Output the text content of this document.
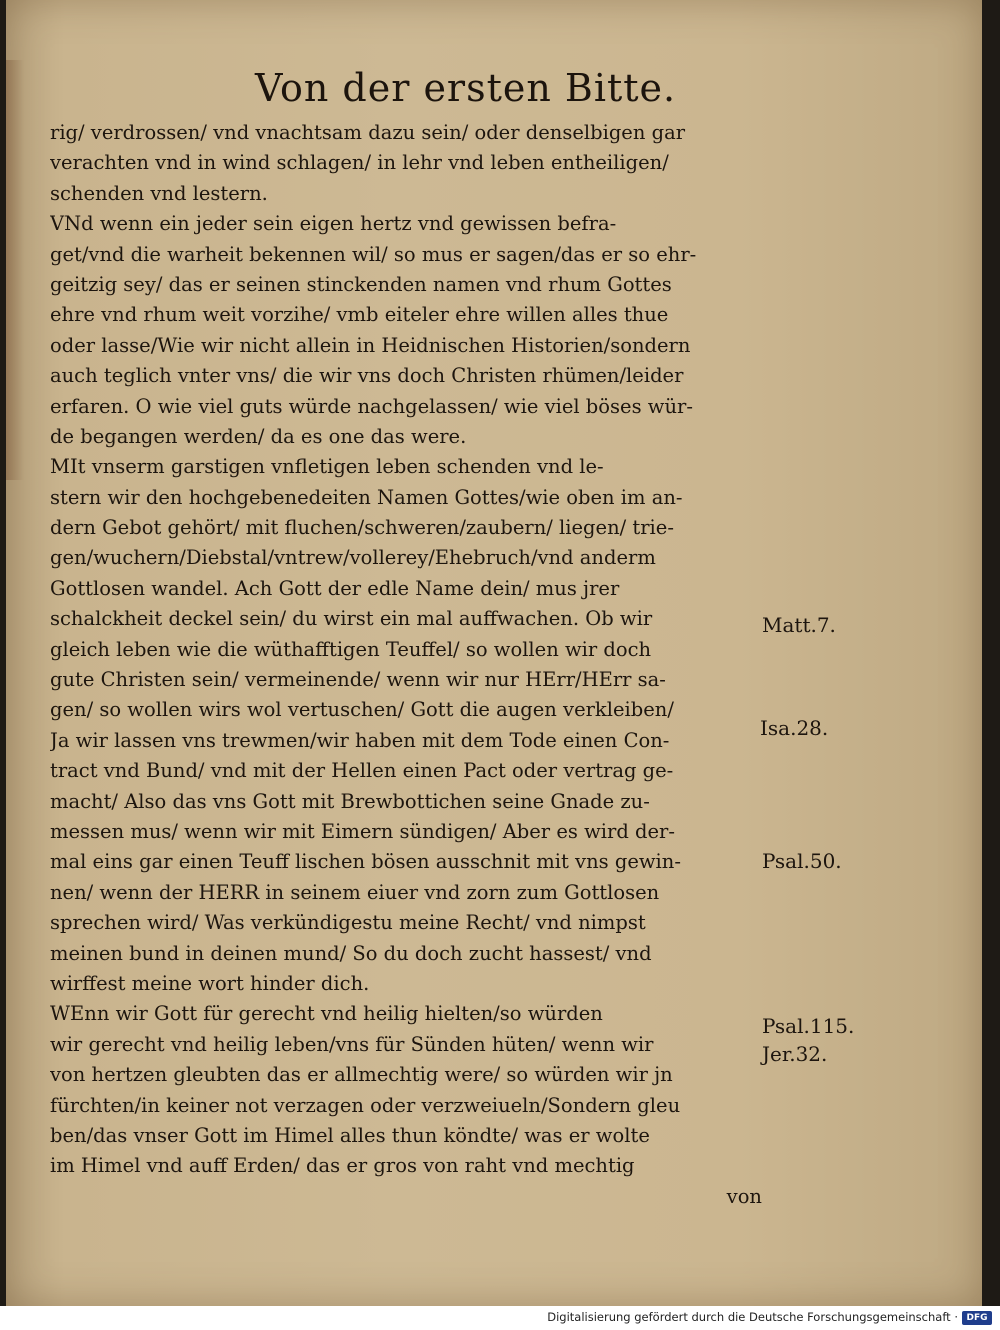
Von der ersten Bitte.
rig/ verdrossen/ vnd vnachtsam dazu sein/ oder denselbigen gar
verachten vnd in wind schlagen/ in lehr vnd leben entheiligen/
schenden vnd lestern.
VNd wenn ein jeder sein eigen hertz vnd gewissen befra-
get/vnd die warheit bekennen wil/ so mus er sagen/das er so ehr-
geitzig sey/ das er seinen stinckenden namen vnd rhum Gottes
ehre vnd rhum weit vorzihe/ vmb eiteler ehre willen alles thue
oder lasse/Wie wir nicht allein in Heidnischen Historien/sondern
auch teglich vnter vns/ die wir vns doch Christen rhümen/leider
erfaren. O wie viel guts würde nachgelassen/ wie viel böses wür-
de begangen werden/ da es one das were.
MIt vnserm garstigen vnfletigen leben schenden vnd le-
stern wir den hochgebenedeiten Namen Gottes/wie oben im an-
dern Gebot gehört/ mit fluchen/schweren/zaubern/ liegen/ trie-
gen/wuchern/Diebstal/vntrew/vollerey/Ehebruch/vnd anderm
Gottlosen wandel. Ach Gott der edle Name dein/ mus jrer
schalckheit deckel sein/ du wirst ein mal auffwachen. Ob wir
gleich leben wie die wüthafftigen Teuffel/ so wollen wir doch
gute Christen sein/ vermeinende/ wenn wir nur HErr/HErr sa-
gen/ so wollen wirs wol vertuschen/ Gott die augen verkleiben/
Ja wir lassen vns trewmen/wir haben mit dem Tode einen Con-
tract vnd Bund/ vnd mit der Hellen einen Pact oder vertrag ge-
macht/ Also das vns Gott mit Brewbottichen seine Gnade zu-
messen mus/ wenn wir mit Eimern sündigen/ Aber es wird der-
mal eins gar einen Teuff lischen bösen ausschnit mit vns gewin-
nen/ wenn der HERR in seinem eiuer vnd zorn zum Gottlosen
sprechen wird/ Was verkündigestu meine Recht/ vnd nimpst
meinen bund in deinen mund/ So du doch zucht hassest/ vnd
wirffest meine wort hinder dich.
WEnn wir Gott für gerecht vnd heilig hielten/so würden
wir gerecht vnd heilig leben/vns für Sünden hüten/ wenn wir
von hertzen gleubten das er allmechtig were/ so würden wir jn
fürchten/in keiner not verzagen oder verzweiueln/Sondern gleu
ben/das vnser Gott im Himel alles thun köndte/ was er wolte
im Himel vnd auff Erden/ das er gros von raht vnd mechtig
von
Matt.7.
Isa.28.
Psal.50.
Psal.115.
Jer.32.
Digitalisierung gefördert durch die Deutsche Forschungsgemeinschaft · DFG
